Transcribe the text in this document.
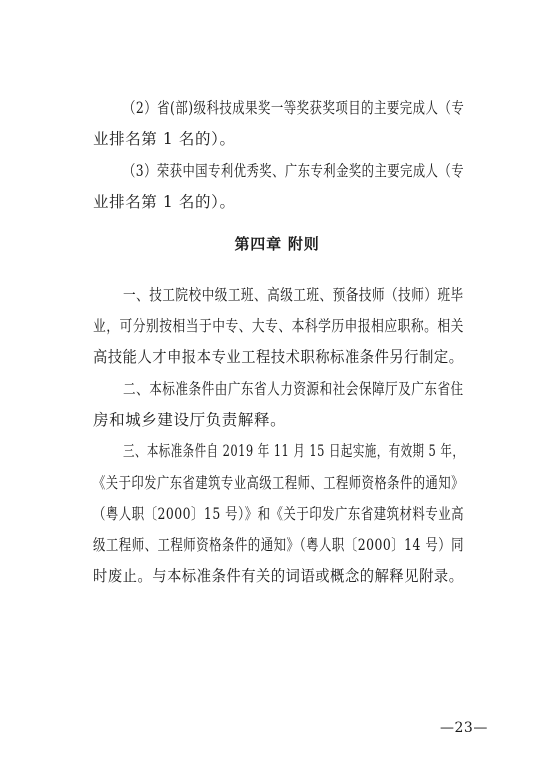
（2）省(部)级科技成果奖一等奖获奖项目的主要完成人（专
业排名第 1 名的）。
（3）荣获中国专利优秀奖、广东专利金奖的主要完成人（专
业排名第 1 名的）。
第四章 附则
一、技工院校中级工班、高级工班、预备技师（技师）班毕
业，可分别按相当于中专、大专、本科学历申报相应职称。相关
高技能人才申报本专业工程技术职称标准条件另行制定。
二、本标准条件由广东省人力资源和社会保障厅及广东省住
房和城乡建设厅负责解释。
三、本标准条件自 2019 年 11 月 15 日起实施，有效期 5 年，
《关于印发广东省建筑专业高级工程师、工程师资格条件的通知》
（粤人职〔2000〕15 号）》和《关于印发广东省建筑材料专业高
级工程师、工程师资格条件的通知》（粤人职〔2000〕14 号）同
时废止。与本标准条件有关的词语或概念的解释见附录。
—23—
